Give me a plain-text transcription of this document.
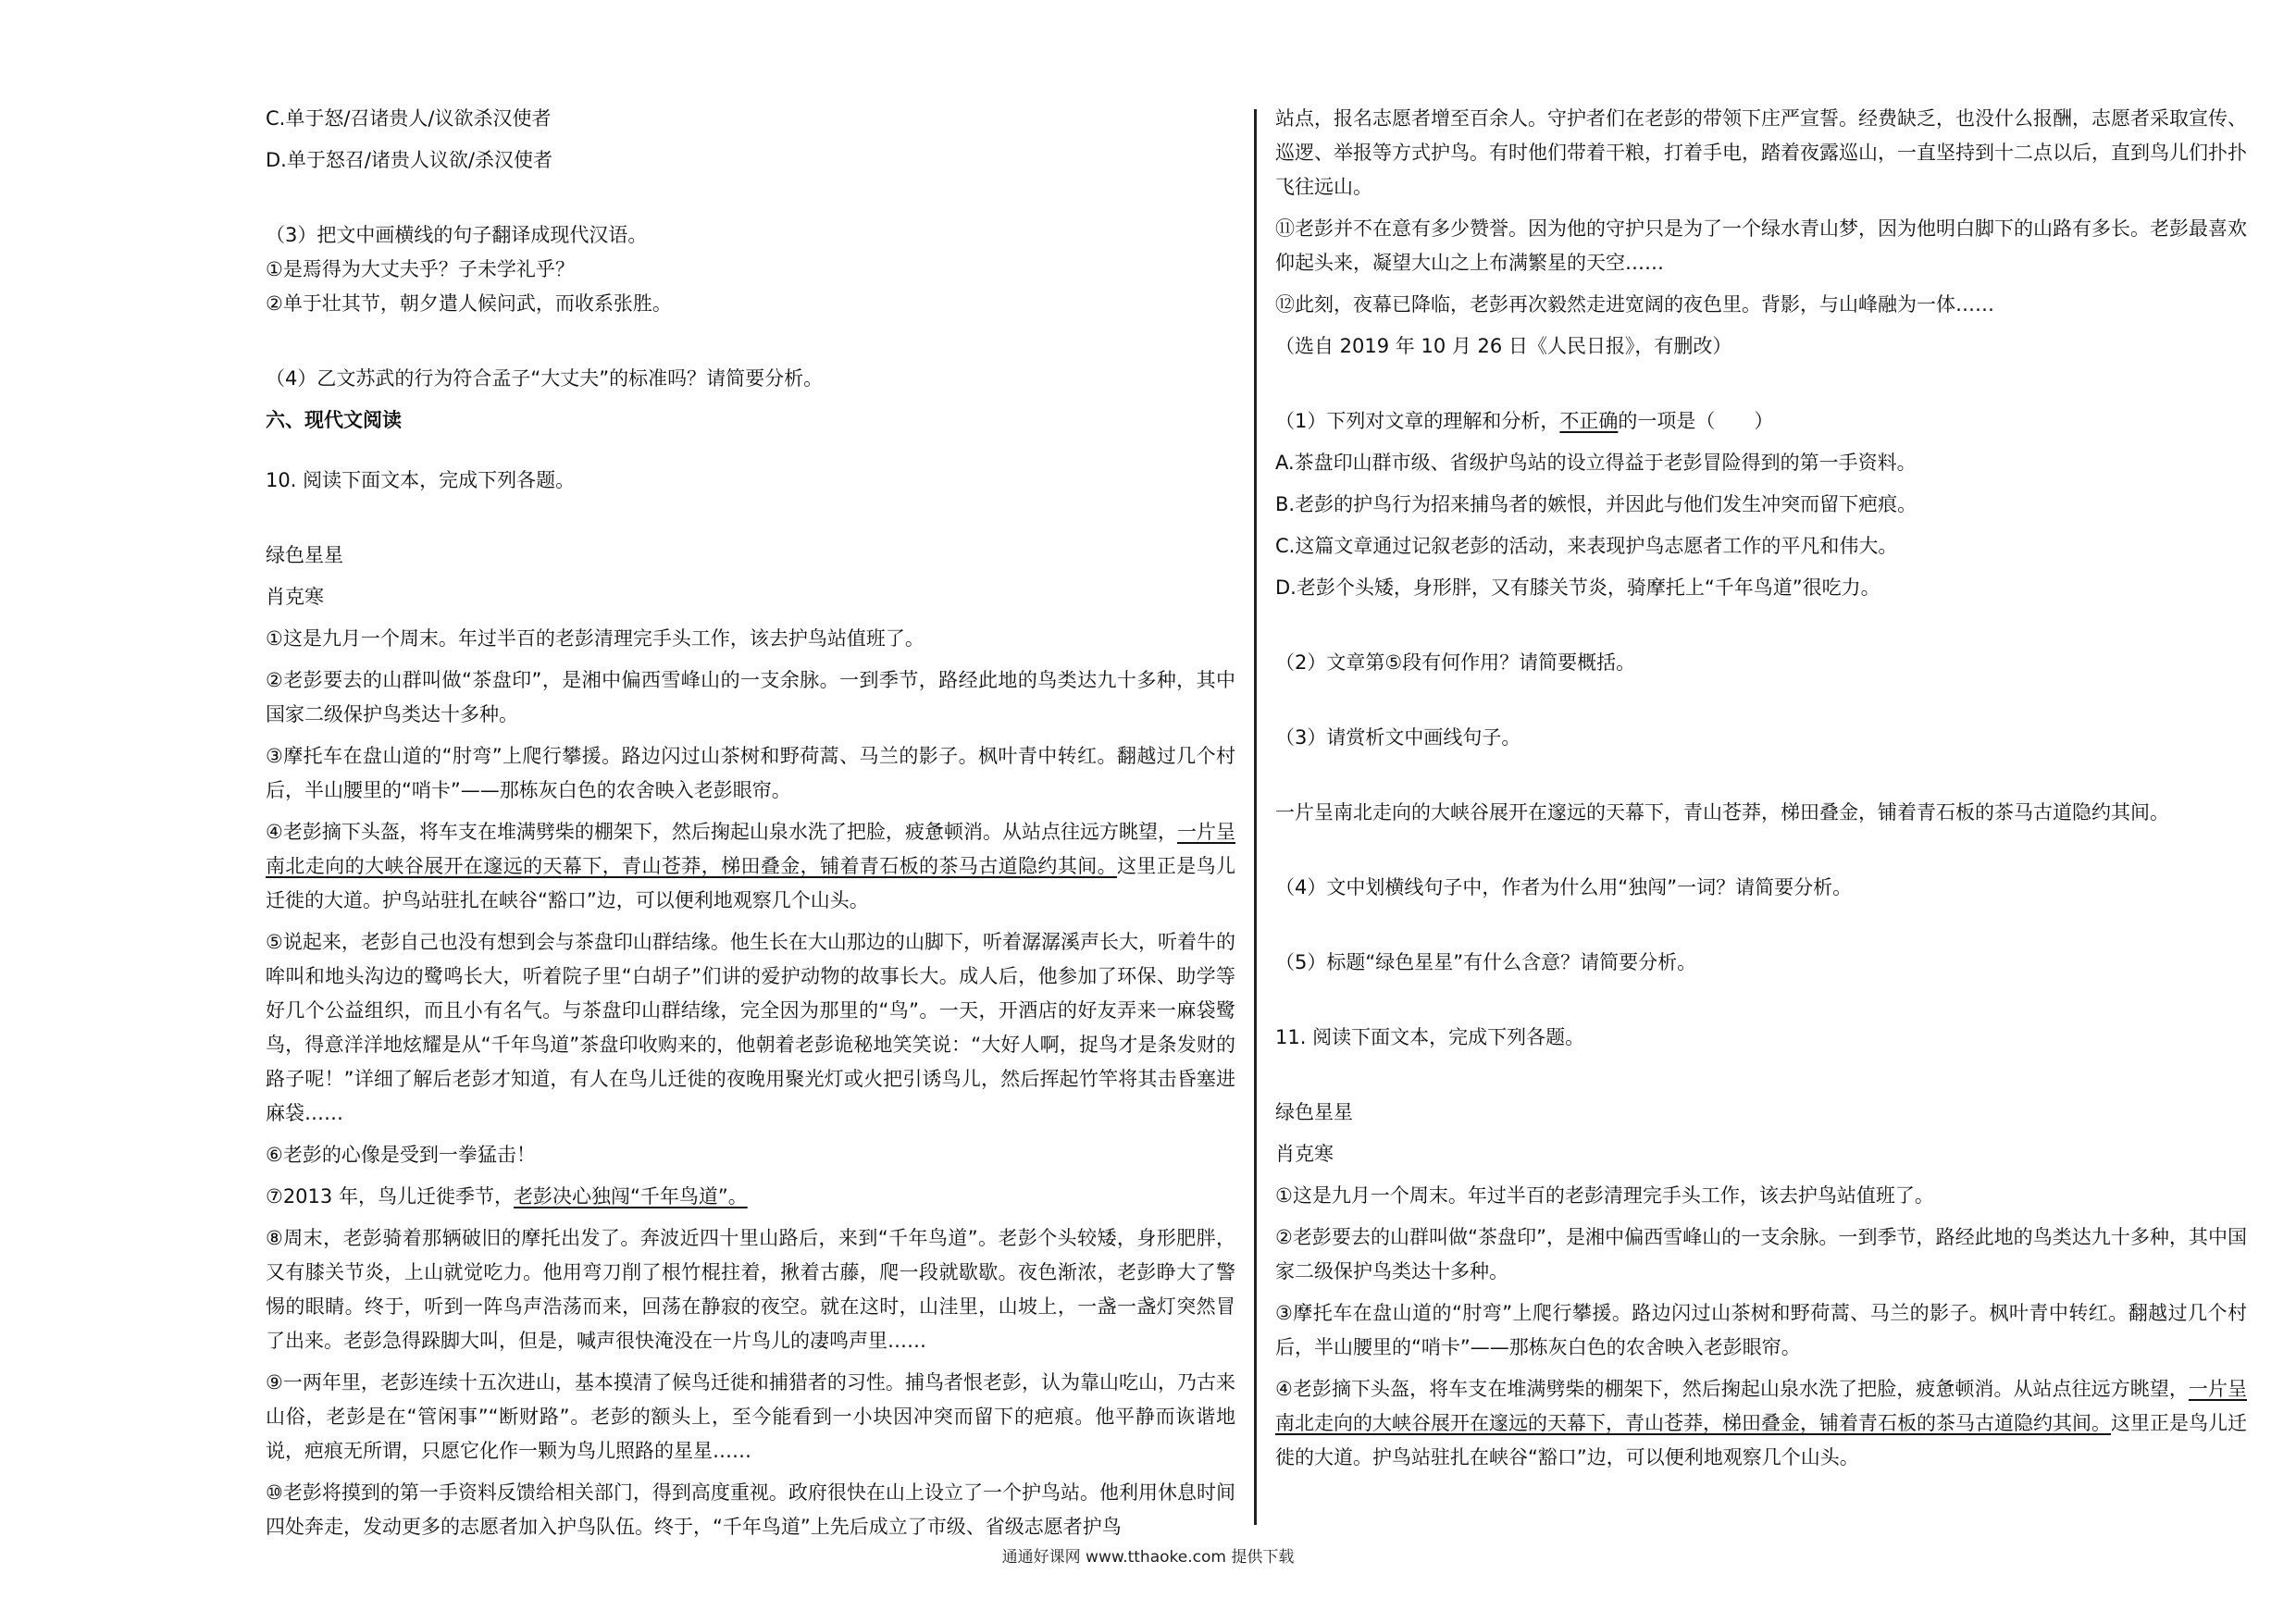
C.单于怒/召诸贵人/议欲杀汉使者

D.单于怒召/诸贵人议欲/杀汉使者

（3）把文中画横线的句子翻译成现代汉语。

①是焉得为大丈夫乎？子未学礼乎？

②单于壮其节，朝夕遣人候问武，而收系张胜。

（4）乙文苏武的行为符合孟子“大丈夫”的标准吗？请简要分析。

六、现代文阅读

10. 阅读下面文本，完成下列各题。

绿色星星

肖克寒

①这是九月一个周末。年过半百的老彭清理完手头工作，该去护鸟站值班了。

②老彭要去的山群叫做“茶盘印”，是湘中偏西雪峰山的一支余脉。一到季节，路经此地的鸟类达九十多种，其中国家二级保护鸟类达十多种。

③摩托车在盘山道的“肘弯”上爬行攀援。路边闪过山茶树和野荷蒿、马兰的影子。枫叶青中转红。翻越过几个村后，半山腰里的“哨卡”——那栋灰白色的农舍映入老彭眼帘。

④老彭摘下头盔，将车支在堆满劈柴的棚架下，然后掬起山泉水洗了把脸，疲惫顿消。从站点往远方眺望，一片呈南北走向的大峡谷展开在邃远的天幕下，青山苍莽，梯田叠金，铺着青石板的茶马古道隐约其间。这里正是鸟儿迁徙的大道。护鸟站驻扎在峡谷“豁口”边，可以便利地观察几个山头。

⑤说起来，老彭自己也没有想到会与茶盘印山群结缘。他生长在大山那边的山脚下，听着潺潺溪声长大，听着牛的哞叫和地头沟边的鹭鸣长大，听着院子里“白胡子”们讲的爱护动物的故事长大。成人后，他参加了环保、助学等好几个公益组织，而且小有名气。与茶盘印山群结缘，完全因为那里的“鸟”。一天，开酒店的好友弄来一麻袋鹭鸟，得意洋洋地炫耀是从“千年鸟道”茶盘印收购来的，他朝着老彭诡秘地笑笑说：“大好人啊，捉鸟才是条发财的路子呢！”详细了解后老彭才知道，有人在鸟儿迁徙的夜晚用聚光灯或火把引诱鸟儿，然后挥起竹竿将其击昏塞进麻袋……

⑥老彭的心像是受到一拳猛击！

⑦2013 年，鸟儿迁徙季节，老彭决心独闯“千年鸟道”。

⑧周末，老彭骑着那辆破旧的摩托出发了。奔波近四十里山路后，来到“千年鸟道”。老彭个头较矮，身形肥胖，又有膝关节炎，上山就觉吃力。他用弯刀削了根竹棍拄着，揪着古藤，爬一段就歇歇。夜色渐浓，老彭睁大了警惕的眼睛。终于，听到一阵鸟声浩荡而来，回荡在静寂的夜空。就在这时，山洼里，山坡上，一盏一盏灯突然冒了出来。老彭急得跺脚大叫，但是，喊声很快淹没在一片鸟儿的凄鸣声里……

⑨一两年里，老彭连续十五次进山，基本摸清了候鸟迁徙和捕猎者的习性。捕鸟者恨老彭，认为靠山吃山，乃古来山俗，老彭是在“管闲事”“断财路”。老彭的额头上，至今能看到一小块因冲突而留下的疤痕。他平静而诙谐地说，疤痕无所谓，只愿它化作一颗为鸟儿照路的星星……

⑩老彭将摸到的第一手资料反馈给相关部门，得到高度重视。政府很快在山上设立了一个护鸟站。他利用休息时间四处奔走，发动更多的志愿者加入护鸟队伍。终于，“千年鸟道”上先后成立了市级、省级志愿者护鸟

站点，报名志愿者增至百余人。守护者们在老彭的带领下庄严宣誓。经费缺乏，也没什么报酬，志愿者采取宣传、巡逻、举报等方式护鸟。有时他们带着干粮，打着手电，踏着夜露巡山，一直坚持到十二点以后，直到鸟儿们扑扑飞往远山。

⑪老彭并不在意有多少赞誉。因为他的守护只是为了一个绿水青山梦，因为他明白脚下的山路有多长。老彭最喜欢仰起头来，凝望大山之上布满繁星的天空……

⑫此刻，夜幕已降临，老彭再次毅然走进宽阔的夜色里。背影，与山峰融为一体……

（选自 2019 年 10 月 26 日《人民日报》，有删改）

（1）下列对文章的理解和分析，不正确的一项是（　　）

A.茶盘印山群市级、省级护鸟站的设立得益于老彭冒险得到的第一手资料。

B.老彭的护鸟行为招来捕鸟者的嫉恨，并因此与他们发生冲突而留下疤痕。

C.这篇文章通过记叙老彭的活动，来表现护鸟志愿者工作的平凡和伟大。

D.老彭个头矮，身形胖，又有膝关节炎，骑摩托上“千年鸟道”很吃力。

（2）文章第⑤段有何作用？请简要概括。

（3）请赏析文中画线句子。

一片呈南北走向的大峡谷展开在邃远的天幕下，青山苍莽，梯田叠金，铺着青石板的茶马古道隐约其间。

（4）文中划横线句子中，作者为什么用“独闯”一词？请简要分析。

（5）标题“绿色星星”有什么含意？请简要分析。

11. 阅读下面文本，完成下列各题。

绿色星星

肖克寒

①这是九月一个周末。年过半百的老彭清理完手头工作，该去护鸟站值班了。

②老彭要去的山群叫做“茶盘印”，是湘中偏西雪峰山的一支余脉。一到季节，路经此地的鸟类达九十多种，其中国家二级保护鸟类达十多种。

③摩托车在盘山道的“肘弯”上爬行攀援。路边闪过山茶树和野荷蒿、马兰的影子。枫叶青中转红。翻越过几个村后，半山腰里的“哨卡”——那栋灰白色的农舍映入老彭眼帘。

④老彭摘下头盔，将车支在堆满劈柴的棚架下，然后掬起山泉水洗了把脸，疲惫顿消。从站点往远方眺望，一片呈南北走向的大峡谷展开在邃远的天幕下，青山苍莽，梯田叠金，铺着青石板的茶马古道隐约其间。这里正是鸟儿迁徙的大道。护鸟站驻扎在峡谷“豁口”边，可以便利地观察几个山头。

通通好课网 www.tthaoke.com 提供下载
